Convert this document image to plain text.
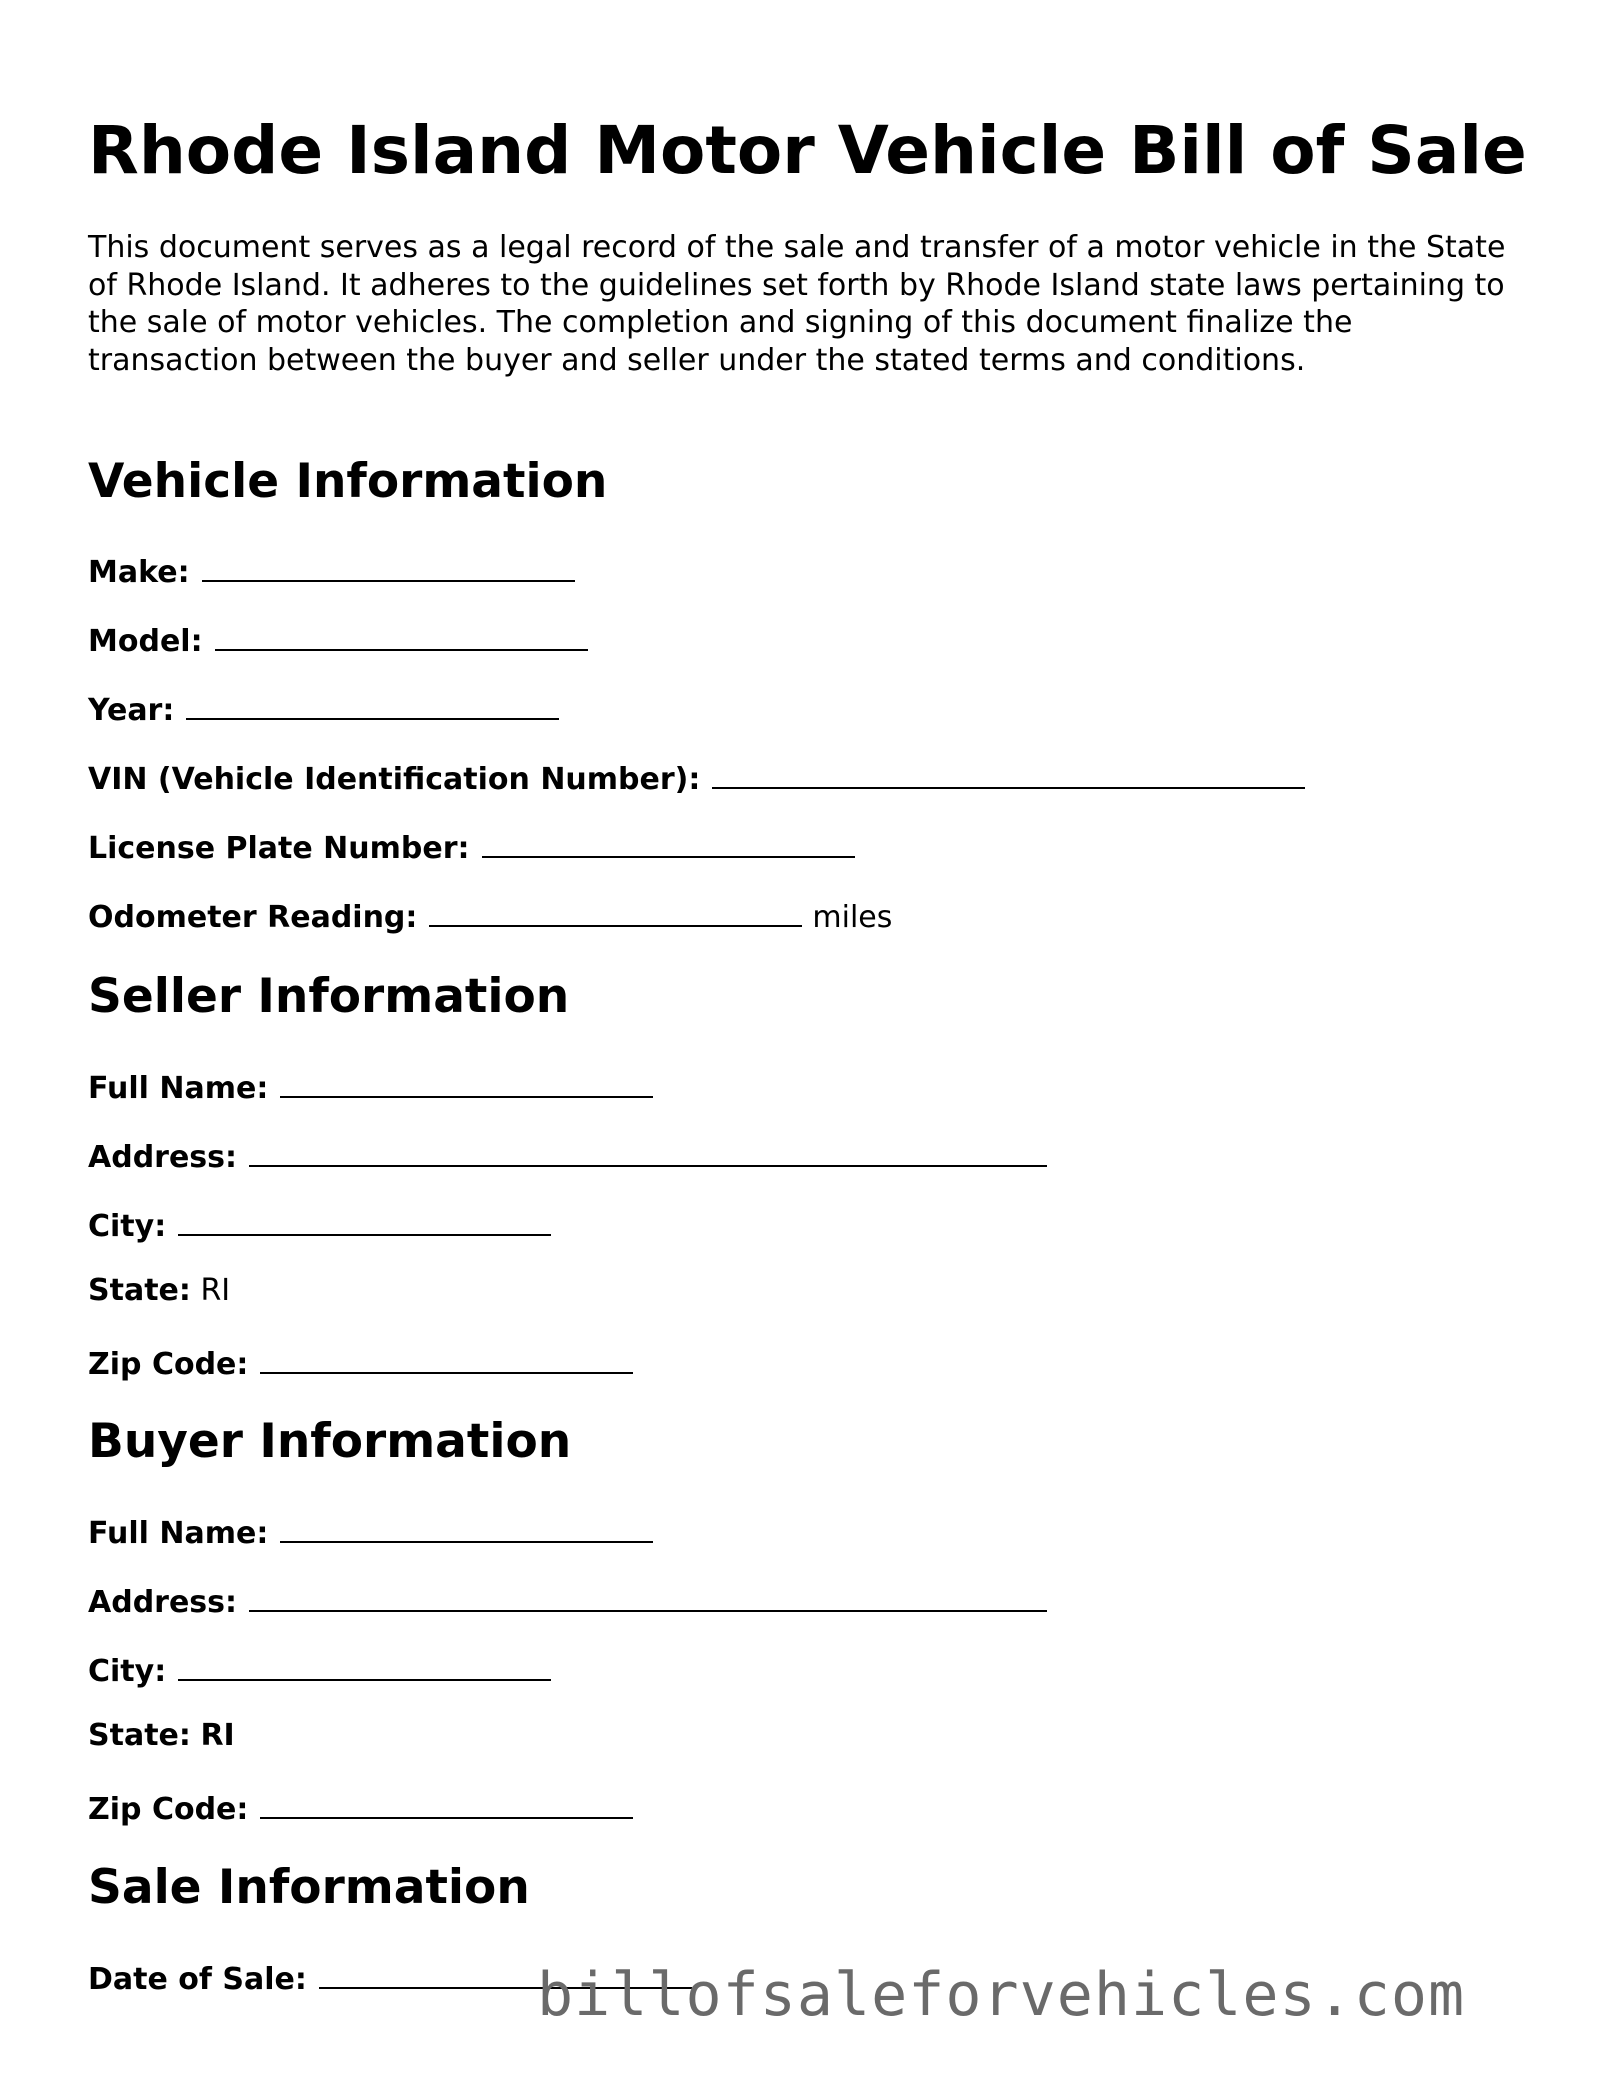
Rhode Island Motor Vehicle Bill of Sale

This document serves as a legal record of the sale and transfer of a motor vehicle in the State of Rhode Island. It adheres to the guidelines set forth by Rhode Island state laws pertaining to the sale of motor vehicles. The completion and signing of this document finalize the transaction between the buyer and seller under the stated terms and conditions.

Vehicle Information
Make:
Model:
Year:
VIN (Vehicle Identification Number):
License Plate Number:
Odometer Reading:	miles
Seller Information
Full Name:
Address:
City:
State: RI
Zip Code:
Buyer Information
Full Name:
Address:
City:
State: RI
Zip Code:
Sale Information
Date of Sale:	billofsaleforvehicles.com
